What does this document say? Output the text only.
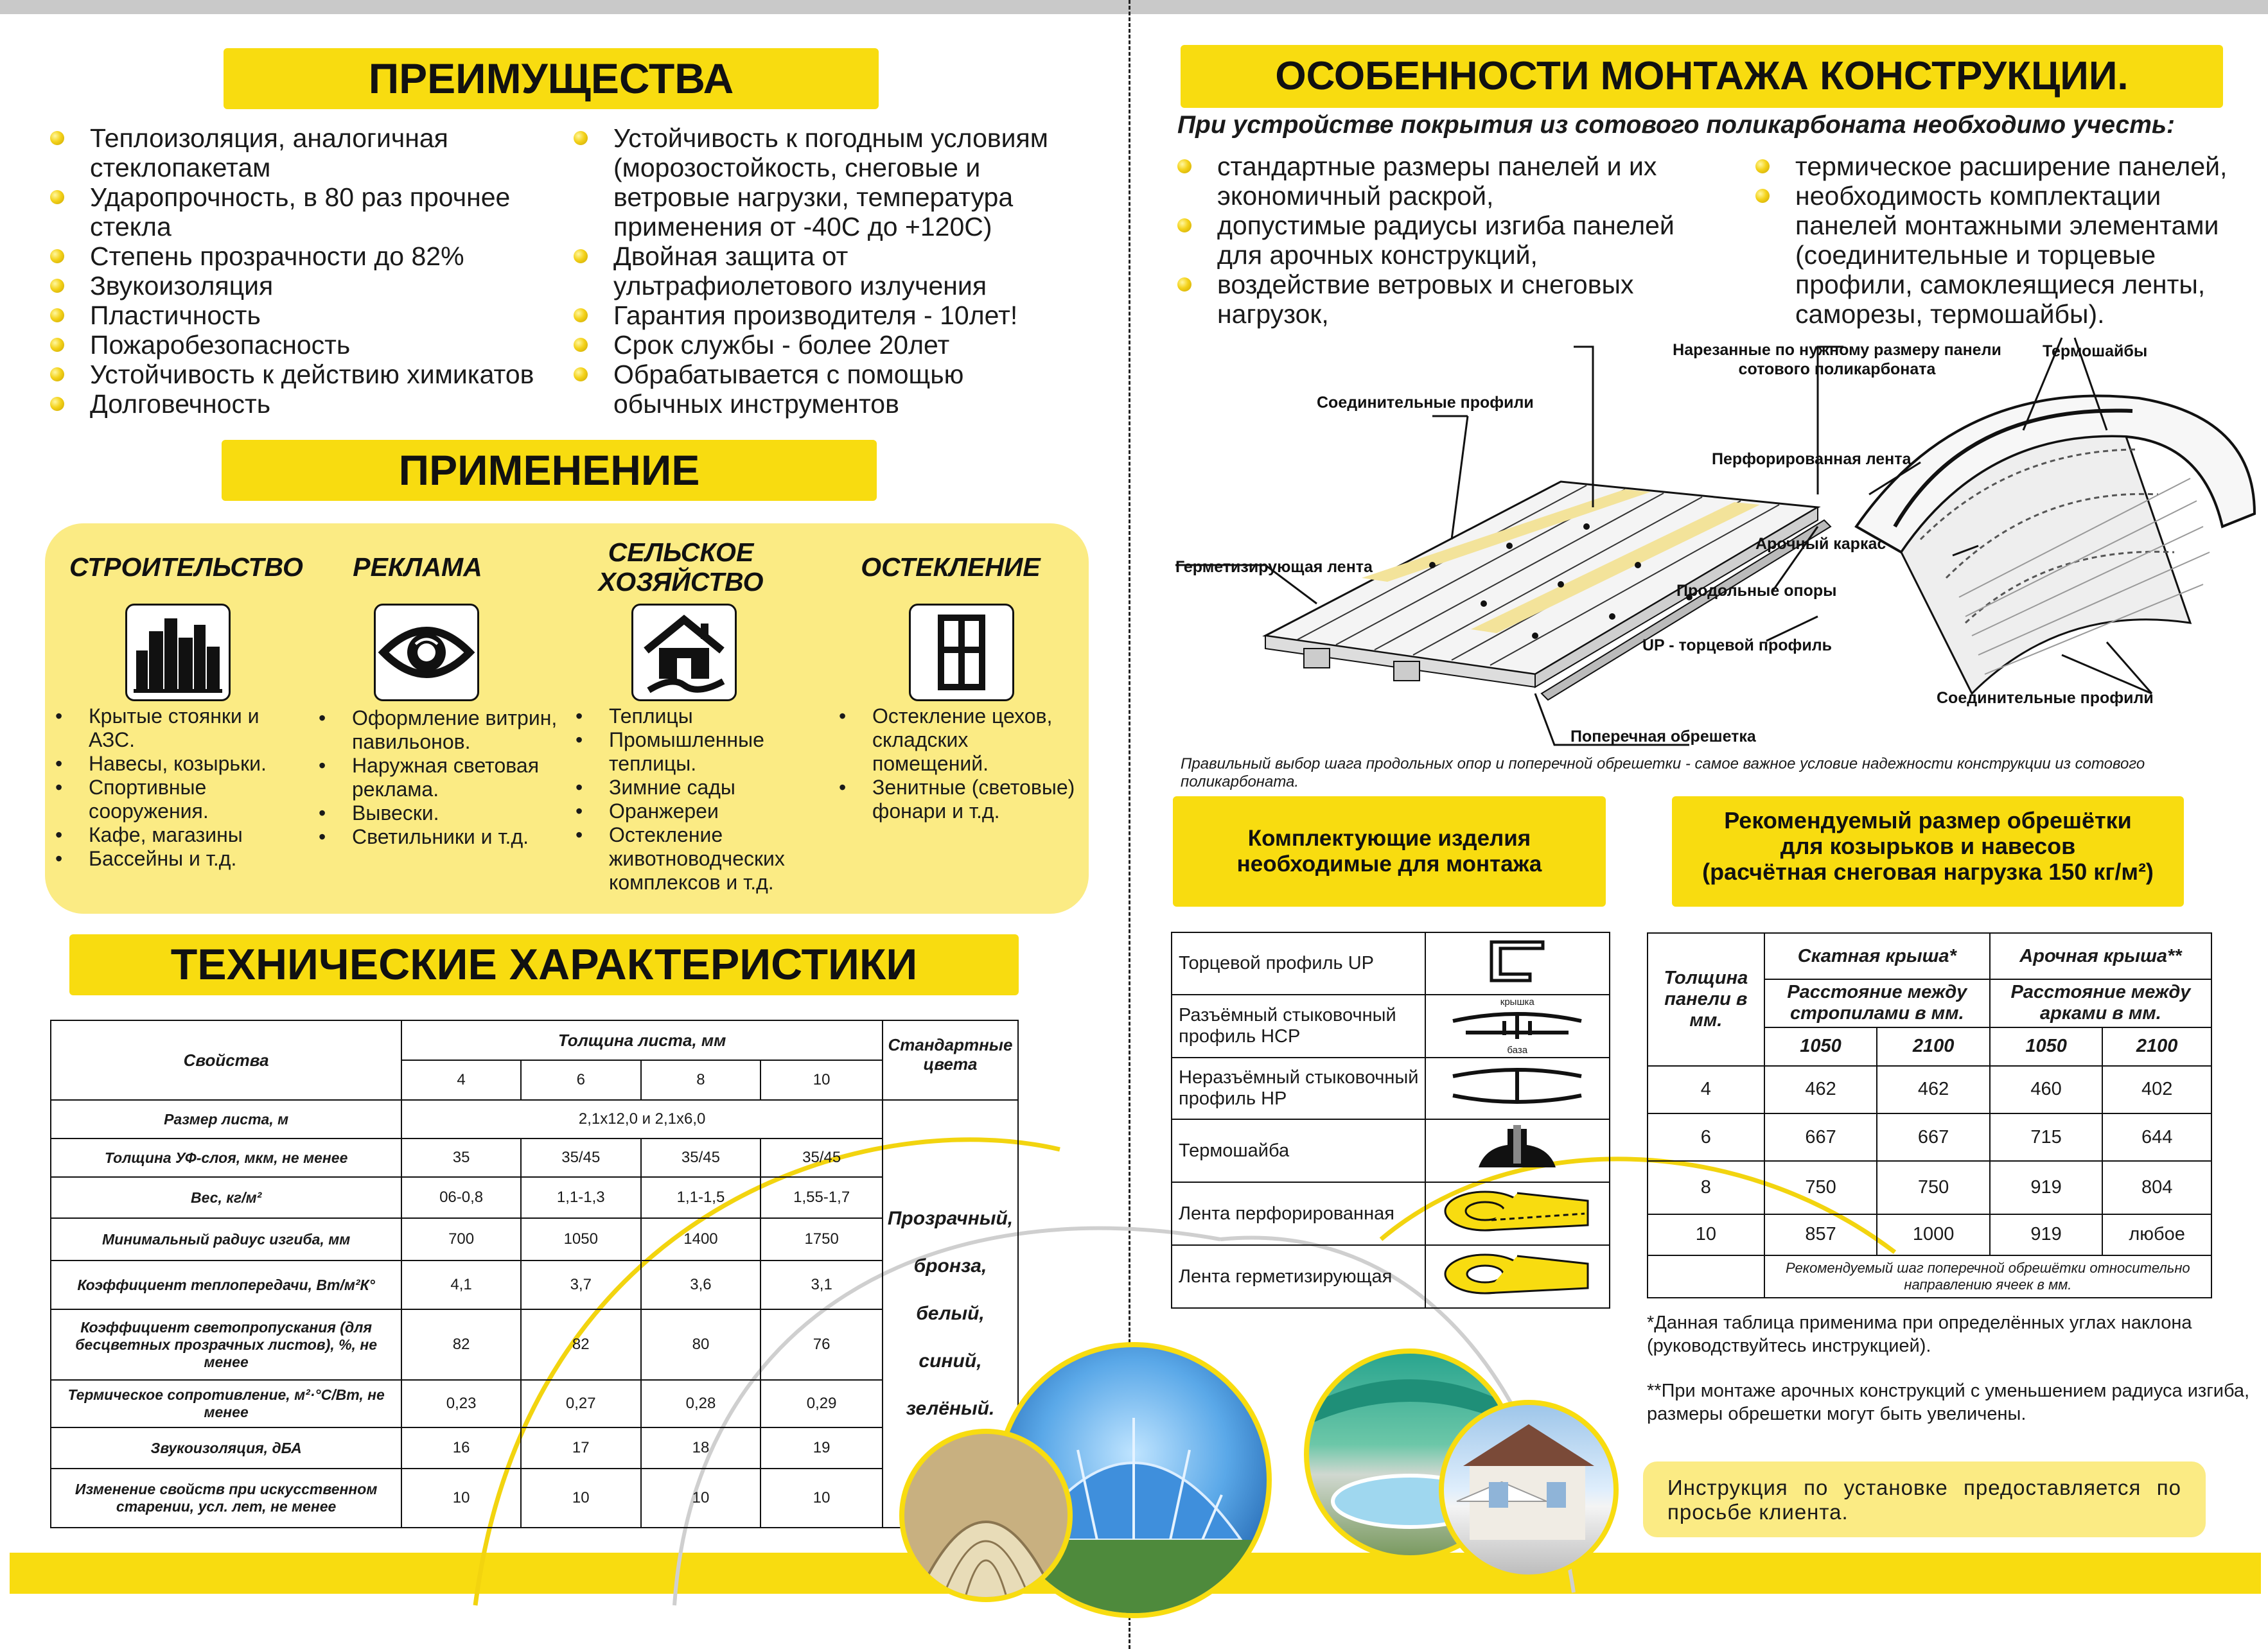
ПРЕИМУЩЕСТВА
Теплоизоляция, аналогичная стеклопакетам
Ударопрочность, в 80 раз прочнее стекла
Степень прозрачности до 82%
Звукоизоляция
Пластичность
Пожаробезопасность
Устойчивость к действию химикатов
Долговечность
Устойчивость к погодным условиям (морозостойкость, снеговые и ветровые нагрузки, температура применения от -40С до +120С)
Двойная защита от ультрафиолетового излучения
Гарантия производителя - 10лет!
Срок службы - более 20лет
Обрабатывается с помощью обычных инструментов
ПРИМЕНЕНИЕ
СТРОИТЕЛЬСТВО	РЕКЛАМА	СЕЛЬСКОЕ ХОЗЯЙСТВО	ОСТЕКЛЕНИЕ
• Крытые стоянки и АЗС.
• Навесы, козырьки.
• Спортивные сооружения.
• Кафе, магазины
• Бассейны и т.д.
• Оформление витрин, павильонов.
• Наружная световая реклама.
• Вывески.
• Светильники и т.д.
• Теплицы
• Промышленные теплицы.
• Зимние сады
• Оранжереи
• Остекление животноводческих комплексов и т.д.
• Остекление цехов, складских помещений.
• Зенитные (световые) фонари и т.д.
ТЕХНИЧЕСКИЕ ХАРАКТЕРИСТИКИ
Свойства	Толщина листа, мм				Стандартные цвета
	4	6	8	10	
Размер листа, м	2,1x12,0 и 2,1x6,0				Прозрачный,
бронза,
белый,
синий,
зелёный.

Толщина УФ-слоя, мкм, не менее	35	35/45	35/45	35/45	
Вес, кг/м²	06-0,8	1,1-1,3	1,1-1,5	1,55-1,7	
Минимальный радиус изгиба, мм	700	1050	1400	1750	
Коэффициент теплопередачи, Вт/м²К°	4,1	3,7	3,6	3,1	
Коэффициент светопропускания (для бесцветных прозрачных листов), %, не менее	82	82	80	76	
Термическое сопротивление, м²·°С/Вт, не менее	0,23	0,27	0,28	0,29	
Звукоизоляция, дБА	16	17	18	19	
Изменение свойств при искусственном старении, усл. лет, не менее	10	10	10	10	
ОСОБЕННОСТИ МОНТАЖА КОНСТРУКЦИИ.
При устройстве покрытия из сотового поликарбоната необходимо учесть:
стандартные размеры панелей и их экономичный раскрой,
допустимые радиусы изгиба панелей для арочных конструкций,
воздействие ветровых и снеговых нагрузок,
термическое расширение панелей,
необходимость комплектации панелей монтажными элементами (соединительные и торцевые профили, самоклеящиеся ленты, саморезы, термошайбы).
Соединительные профили
Нарезанные по нужному размеру панели сотового поликарбоната
Термошайбы
Перфорированная лента
Герметизирующая лента
Арочный каркас
Продольные опоры
UP - торцевой профиль
Соединительные профили
Поперечная обрешетка
Правильный выбор шага продольных опор и поперечной обрешетки - самое важное условие надежности конструкции из сотового поликарбоната.
Комплектующие изделия необходимые для монтажа
Рекомендуемый размер обрешётки
для козырьков и навесов
(расчётная снеговая нагрузка 150 кг/м²)
Торцевой профиль UP	
Разъёмный стыковочный профиль HCP	крышка
база

Неразъёмный стыковочный профиль HP	
Термошайба	
Лента перфорированная	
Лента герметизирующая	
Толщина панели в мм.	Скатная крыша*		Арочная крыша**	
	Расстояние между стропилами в мм.		Расстояние между арками в мм.	
	1050	2100	1050	2100
4	462	462	460	402
6	667	667	715	644
8	750	750	919	804
10	857	1000	919	любое
	Рекомендуемый шаг поперечной обрешётки относительно направлению ячеек в мм.			
*Данная таблица применима при определённых углах наклона (руководствуйтесь инструкцией).
**При монтаже арочных конструкций с уменьшением радиуса изгиба, размеры обрешетки могут быть увеличены.
Инструкция по установке предоставляется по просьбе клиента.
